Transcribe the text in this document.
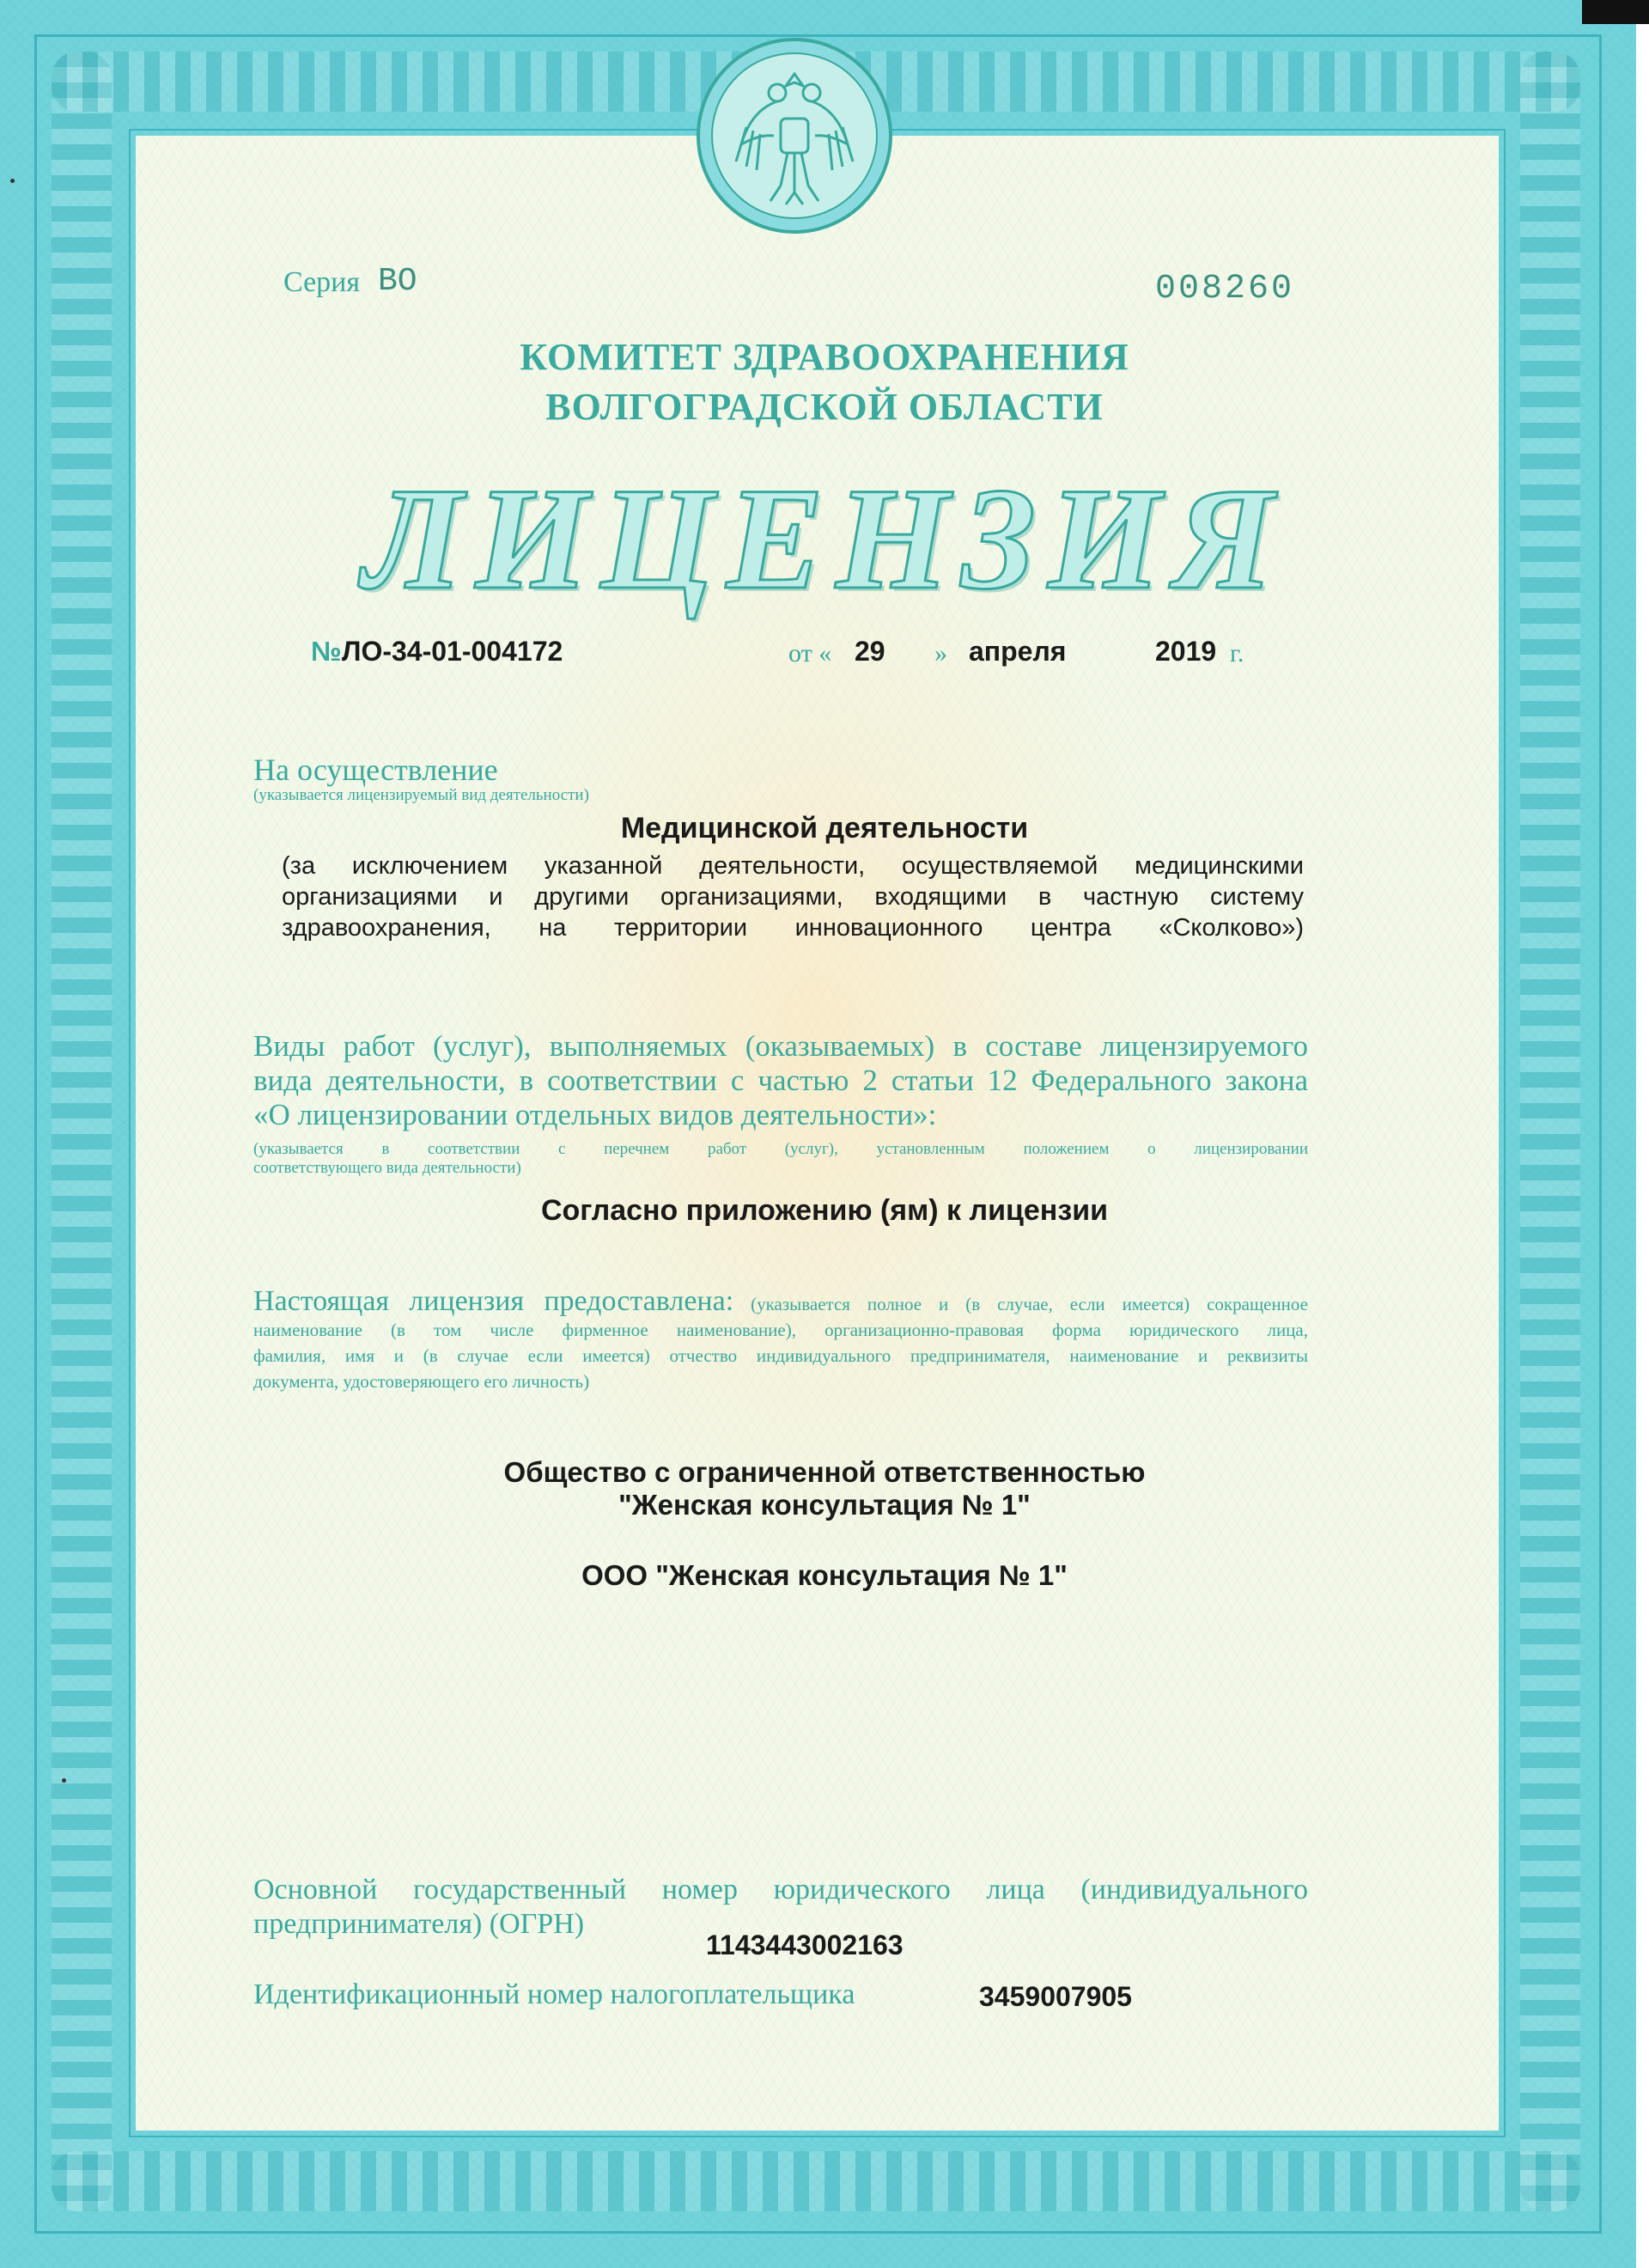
Серия ВО	008260
КОМИТЕТ ЗДРАВООХРАНЕНИЯ
ВОЛГОГРАДСКОЙ ОБЛАСТИ
ЛИЦЕНЗИЯ
№ ЛО-34-01-004172	от « 29 » апреля	2019 г.
На осуществление
(указывается лицензируемый вид деятельности)
Медицинской деятельности
(за исключением указанной деятельности, осуществляемой медицинскими
организациями и другими организациями, входящими в частную систему
здравоохранения, на территории инновационного центра «Сколково»)
Виды работ (услуг), выполняемых (оказываемых) в составе лицензируемого
вида деятельности, в соответствии с частью 2 статьи 12 Федерального закона
«О лицензировании отдельных видов деятельности»:
(указывается в соответствии с перечнем работ (услуг), установленным положением о лицензировании
соответствующего вида деятельности)
Согласно приложению (ям) к лицензии
Настоящая лицензия предоставлена: (указывается полное и (в случае, если имеется) сокращенное
наименование (в том числе фирменное наименование), организационно-правовая форма юридического лица,
фамилия, имя и (в случае если имеется) отчество индивидуального предпринимателя, наименование и реквизиты
документа, удостоверяющего его личность)
Общество с ограниченной ответственностью
"Женская консультация № 1"
ООО "Женская консультация № 1"
Основной государственный номер юридического лица (индивидуального
предпринимателя) (ОГРН)
1143443002163
Идентификационный номер налогоплательщика	3459007905
